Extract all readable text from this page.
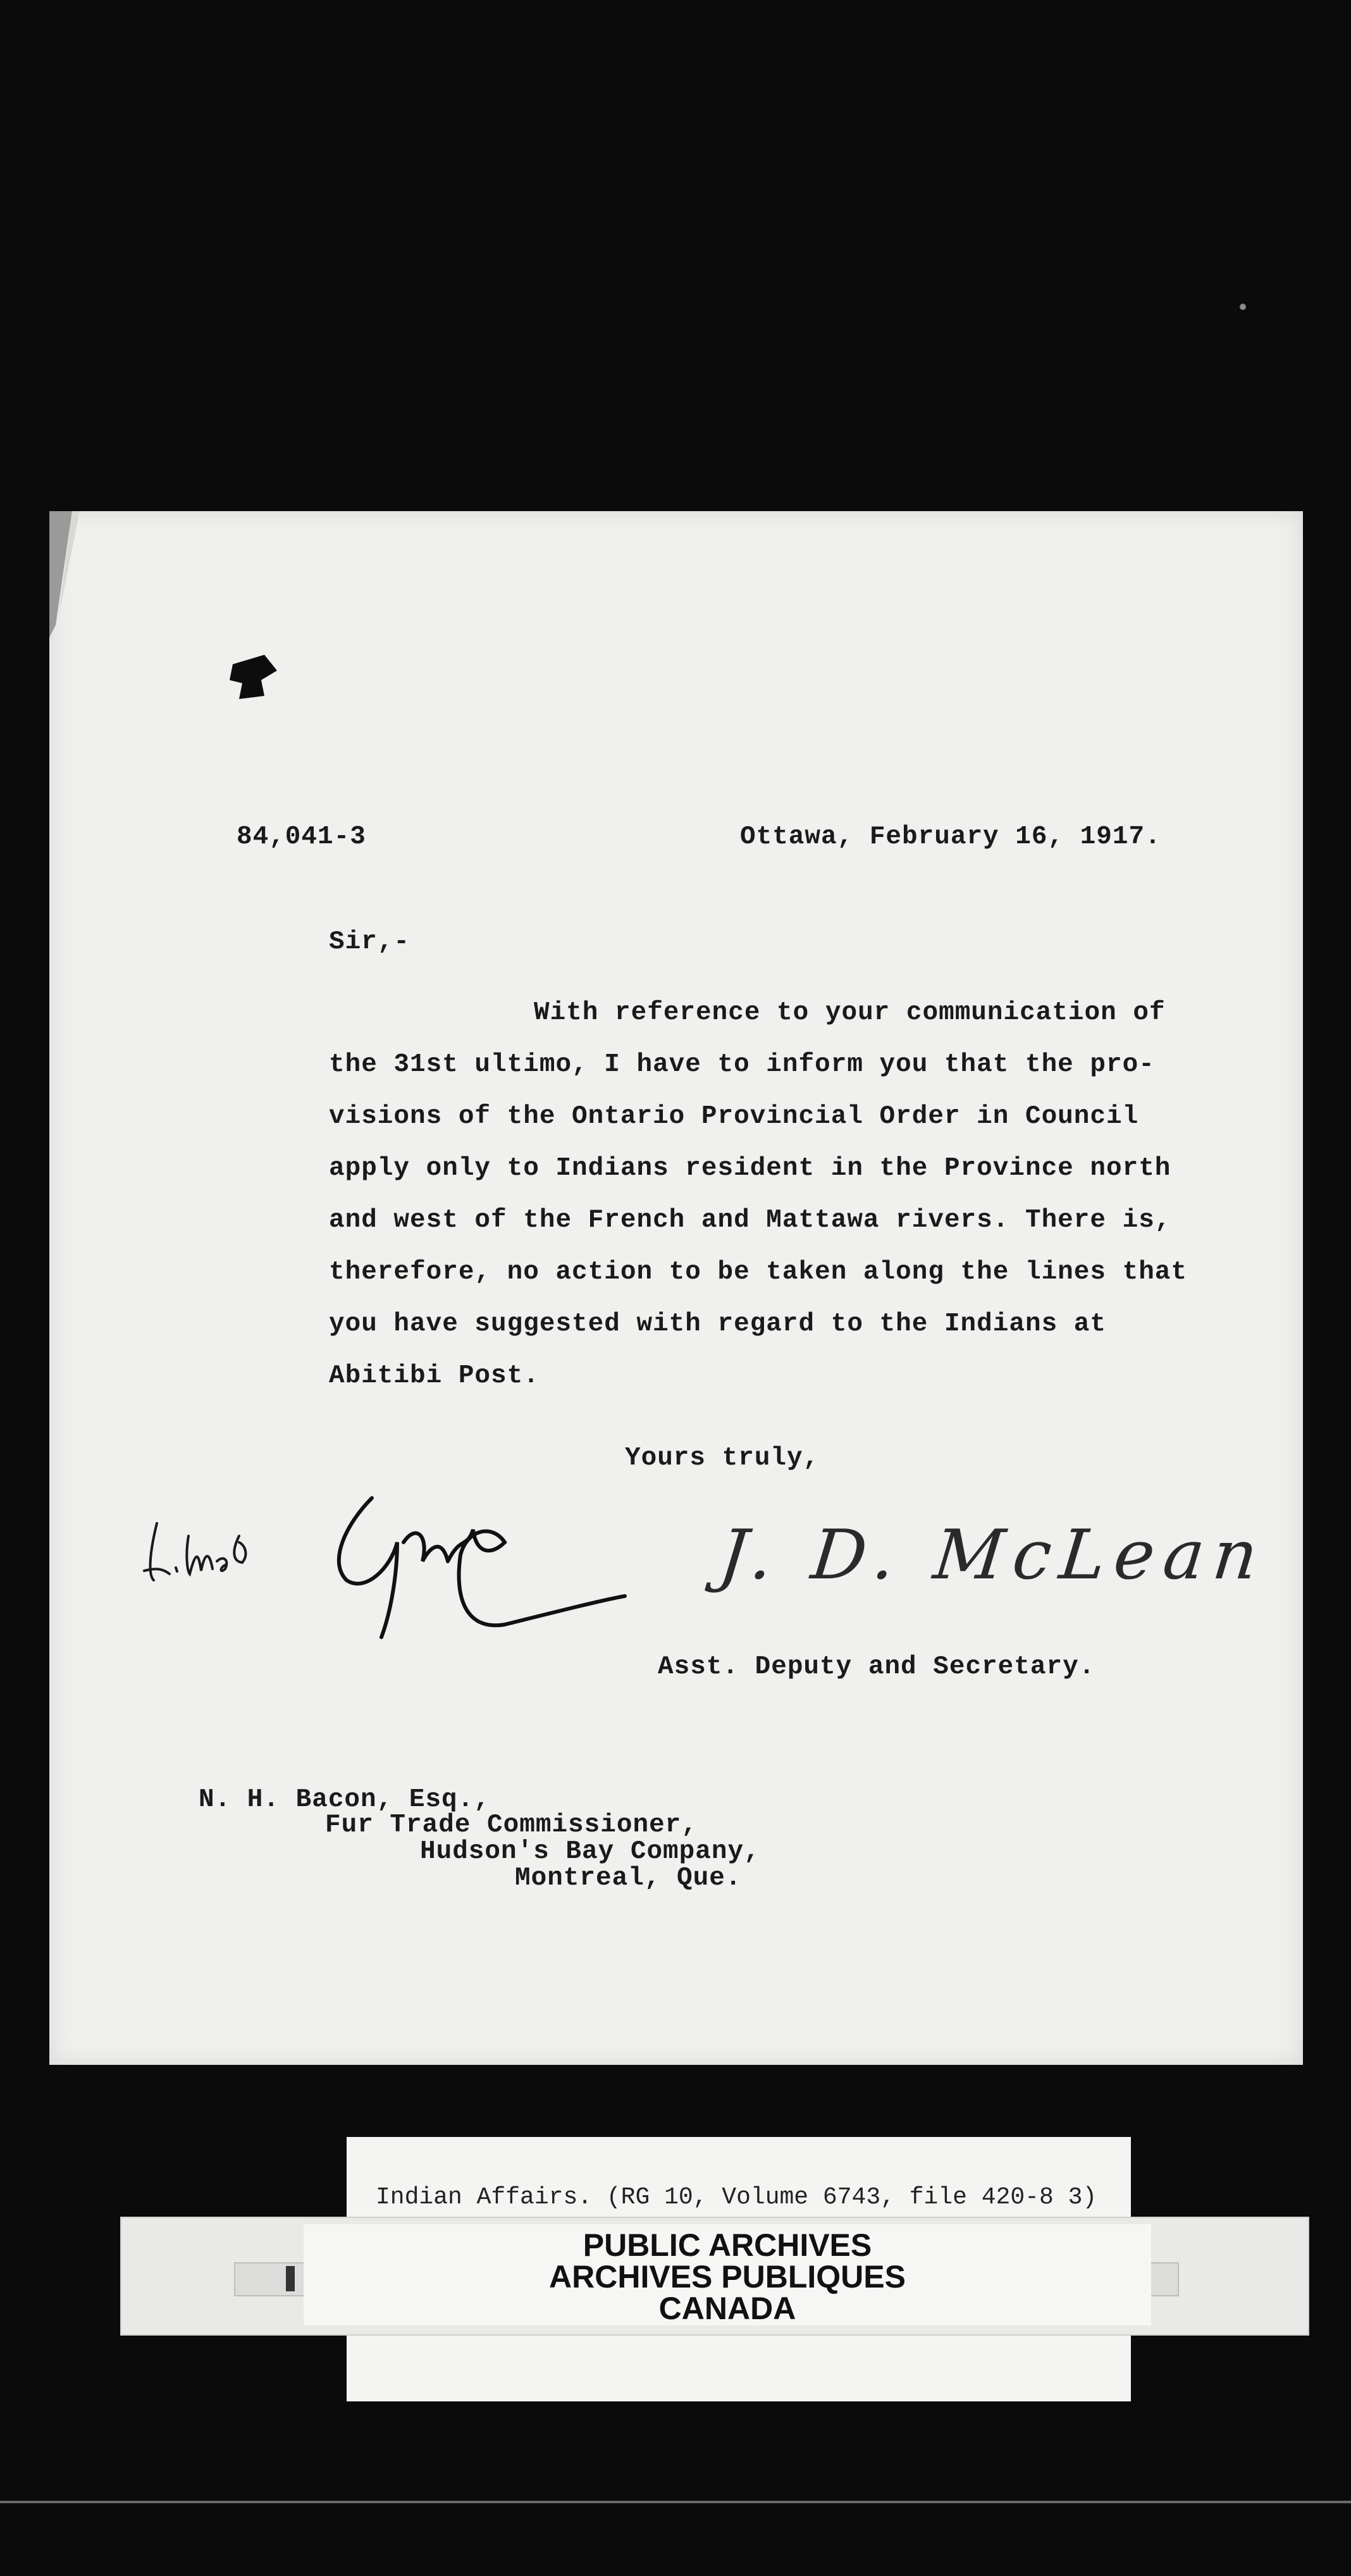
84,041-3	Ottawa, February 16, 1917.
Sir,-
With reference to your communication of
the 31st ultimo, I have to inform you that the pro-
visions of the Ontario Provincial Order in Council
apply only to Indians resident in the Province north
and west of the French and Mattawa rivers. There is,
therefore, no action to be taken along the lines that
you have suggested with regard to the Indians at
Abitibi Post.
Yours truly,
J. D. McLean
Asst. Deputy and Secretary.
N. H. Bacon, Esq.,
Fur Trade Commissioner,
Hudson's Bay Company,
Montreal, Que.
Indian Affairs. (RG 10, Volume 6743, file 420-8 3)
PUBLIC ARCHIVES
ARCHIVES PUBLIQUES
CANADA
